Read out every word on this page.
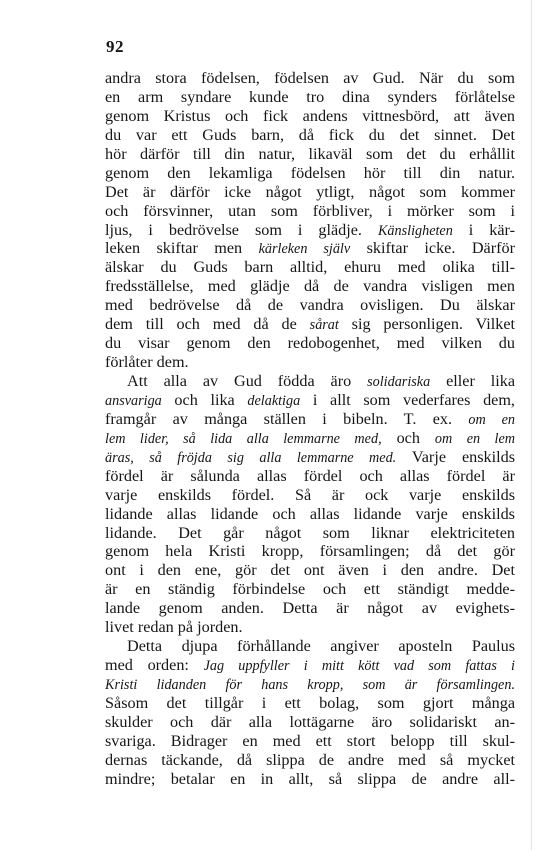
92
andra stora födelsen, födelsen av Gud. När du som
en arm syndare kunde tro dina synders förlåtelse
genom Kristus och fick andens vittnesbörd, att även
du var ett Guds barn, då fick du det sinnet. Det
hör därför till din natur, likaväl som det du erhållit
genom den lekamliga födelsen hör till din natur.
Det är därför icke något ytligt, något som kommer
och försvinner, utan som förbliver, i mörker som i
ljus, i bedrövelse som i glädje. Känsligheten i kär-
leken skiftar men kärleken själv skiftar icke. Därför
älskar du Guds barn alltid, ehuru med olika till-
fredsställelse, med glädje då de vandra visligen men
med bedrövelse då de vandra ovisligen. Du älskar
dem till och med då de sårat sig personligen. Vilket
du visar genom den redobogenhet, med vilken du
förlåter dem.
Att alla av Gud födda äro solidariska eller lika
ansvariga och lika delaktiga i allt som vederfares dem,
framgår av många ställen i bibeln. T. ex. om en
lem lider, så lida alla lemmarne med, och om en lem
äras, så fröjda sig alla lemmarne med. Varje enskilds
fördel är sålunda allas fördel och allas fördel är
varje enskilds fördel. Så är ock varje enskilds
lidande allas lidande och allas lidande varje enskilds
lidande. Det går något som liknar elektriciteten
genom hela Kristi kropp, församlingen; då det gör
ont i den ene, gör det ont även i den andre. Det
är en ständig förbindelse och ett ständigt medde-
lande genom anden. Detta är något av evighets-
livet redan på jorden.
Detta djupa förhållande angiver aposteln Paulus
med orden: Jag uppfyller i mitt kött vad som fattas i
Kristi lidanden för hans kropp, som är församlingen.
Såsom det tillgår i ett bolag, som gjort många
skulder och där alla lottägarne äro solidariskt an-
svariga. Bidrager en med ett stort belopp till skul-
dernas täckande, då slippa de andre med så mycket
mindre; betalar en in allt, så slippa de andre all-
